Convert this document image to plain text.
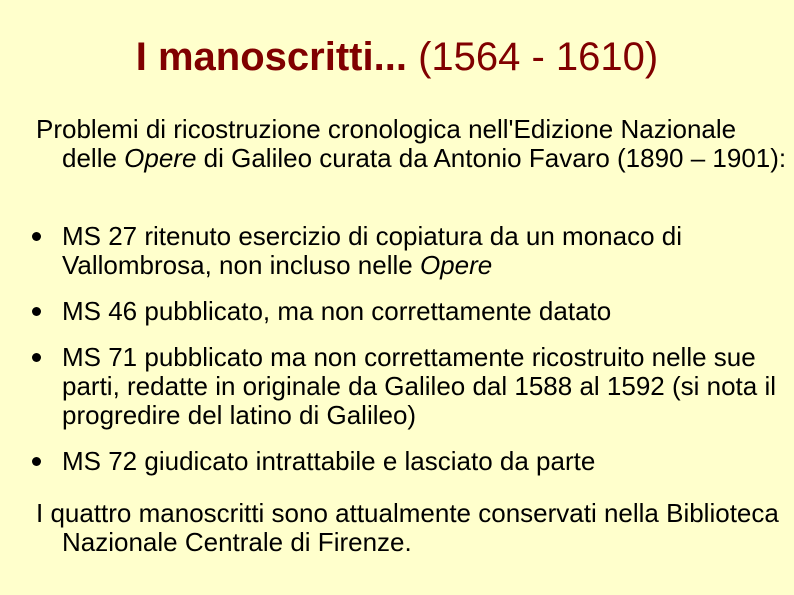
I manoscritti... (1564 - 1610)
Problemi di ricostruzione cronologica nell'Edizione Nazionale delle Opere di Galileo curata da Antonio Favaro (1890 – 1901):
MS 27 ritenuto esercizio di copiatura da un monaco di Vallombrosa, non incluso nelle Opere
MS 46 pubblicato, ma non correttamente datato
MS 71 pubblicato ma non correttamente ricostruito nelle sue parti, redatte in originale da Galileo dal 1588 al 1592 (si nota il progredire del latino di Galileo)
MS 72 giudicato intrattabile e lasciato da parte
I quattro manoscritti sono attualmente conservati nella Biblioteca Nazionale Centrale di Firenze.
